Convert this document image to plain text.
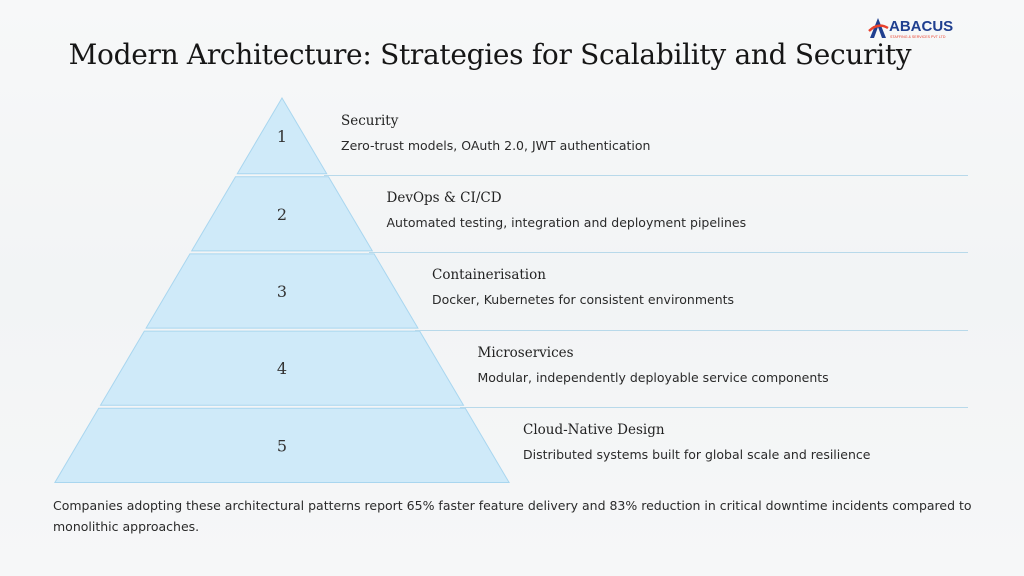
ABACUS
STAFFING & SERVICES PVT LTD
Modern Architecture: Strategies for Scalability and Security
1
2
3
4
5
Security
Zero-trust models, OAuth 2.0, JWT authentication
DevOps & CI/CD
Automated testing, integration and deployment pipelines
Containerisation
Docker, Kubernetes for consistent environments
Microservices
Modular, independently deployable service components
Cloud-Native Design
Distributed systems built for global scale and resilience
Companies adopting these architectural patterns report 65% faster feature delivery and 83% reduction in critical downtime incidents compared to monolithic approaches.
